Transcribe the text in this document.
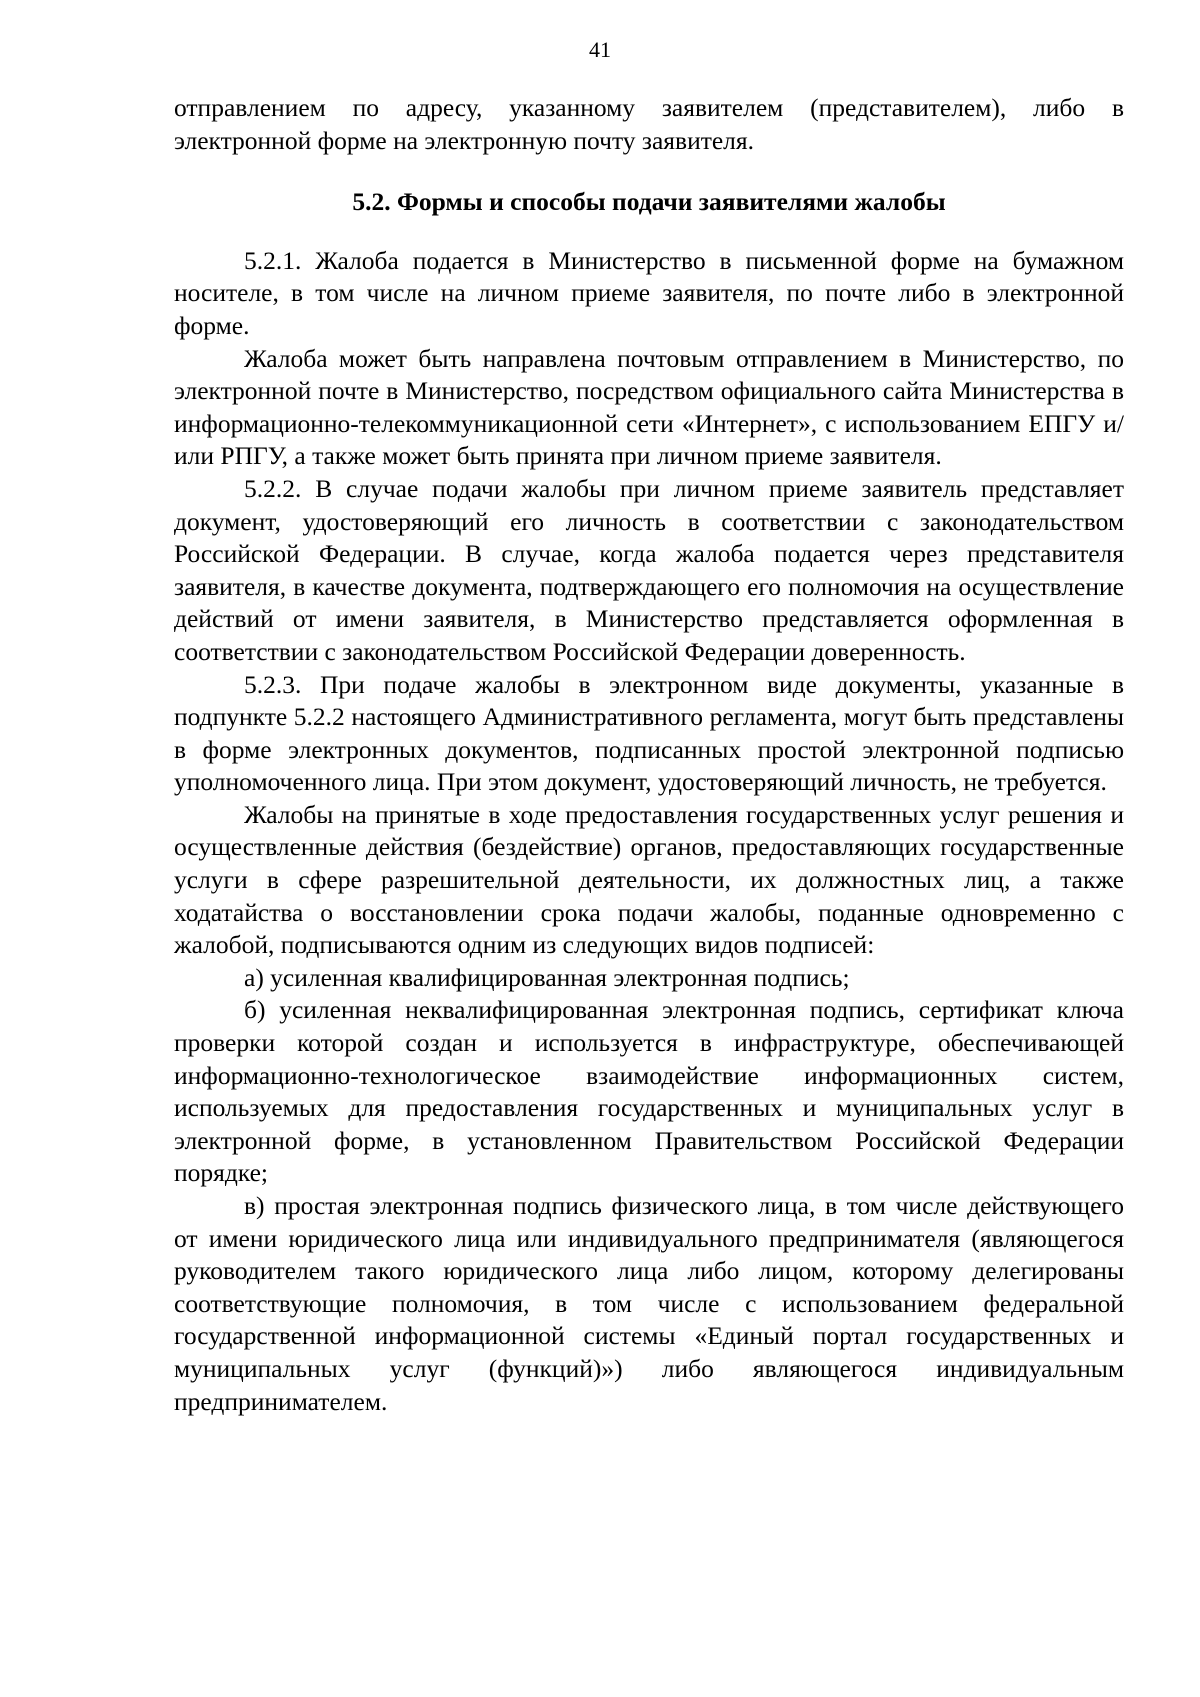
41

отправлением по адресу, указанному заявителем (представителем), либо в электронной форме на электронную почту заявителя.

5.2. Формы и способы подачи заявителями жалобы

5.2.1. Жалоба подается в Министерство в письменной форме на бумажном носителе, в том числе на личном приеме заявителя, по почте либо в электронной форме.

Жалоба может быть направлена почтовым отправлением в Министерство, по электронной почте в Министерство, посредством официального сайта Министерства в информационно-телекоммуникационной сети «Интернет», с использованием ЕПГУ и/или РПГУ, а также может быть принята при личном приеме заявителя.

5.2.2. В случае подачи жалобы при личном приеме заявитель представляет документ, удостоверяющий его личность в соответствии с законодательством Российской Федерации. В случае, когда жалоба подается через представителя заявителя, в качестве документа, подтверждающего его полномочия на осуществление действий от имени заявителя, в Министерство представляется оформленная в соответствии с законодательством Российской Федерации доверенность.

5.2.3. При подаче жалобы в электронном виде документы, указанные в подпункте 5.2.2 настоящего Административного регламента, могут быть представлены в форме электронных документов, подписанных простой электронной подписью уполномоченного лица. При этом документ, удостоверяющий личность, не требуется.

Жалобы на принятые в ходе предоставления государственных услуг решения и осуществленные действия (бездействие) органов, предоставляющих государственные услуги в сфере разрешительной деятельности, их должностных лиц, а также ходатайства о восстановлении срока подачи жалобы, поданные одновременно с жалобой, подписываются одним из следующих видов подписей:

а) усиленная квалифицированная электронная подпись;

б) усиленная неквалифицированная электронная подпись, сертификат ключа проверки которой создан и используется в инфраструктуре, обеспечивающей информационно-технологическое взаимодействие информационных систем, используемых для предоставления государственных и муниципальных услуг в электронной форме, в установленном Правительством Российской Федерации порядке;

в) простая электронная подпись физического лица, в том числе действующего от имени юридического лица или индивидуального предпринимателя (являющегося руководителем такого юридического лица либо лицом, которому делегированы соответствующие полномочия, в том числе с использованием федеральной государственной информационной системы «Единый портал государственных и муниципальных услуг (функций)») либо являющегося индивидуальным предпринимателем.
